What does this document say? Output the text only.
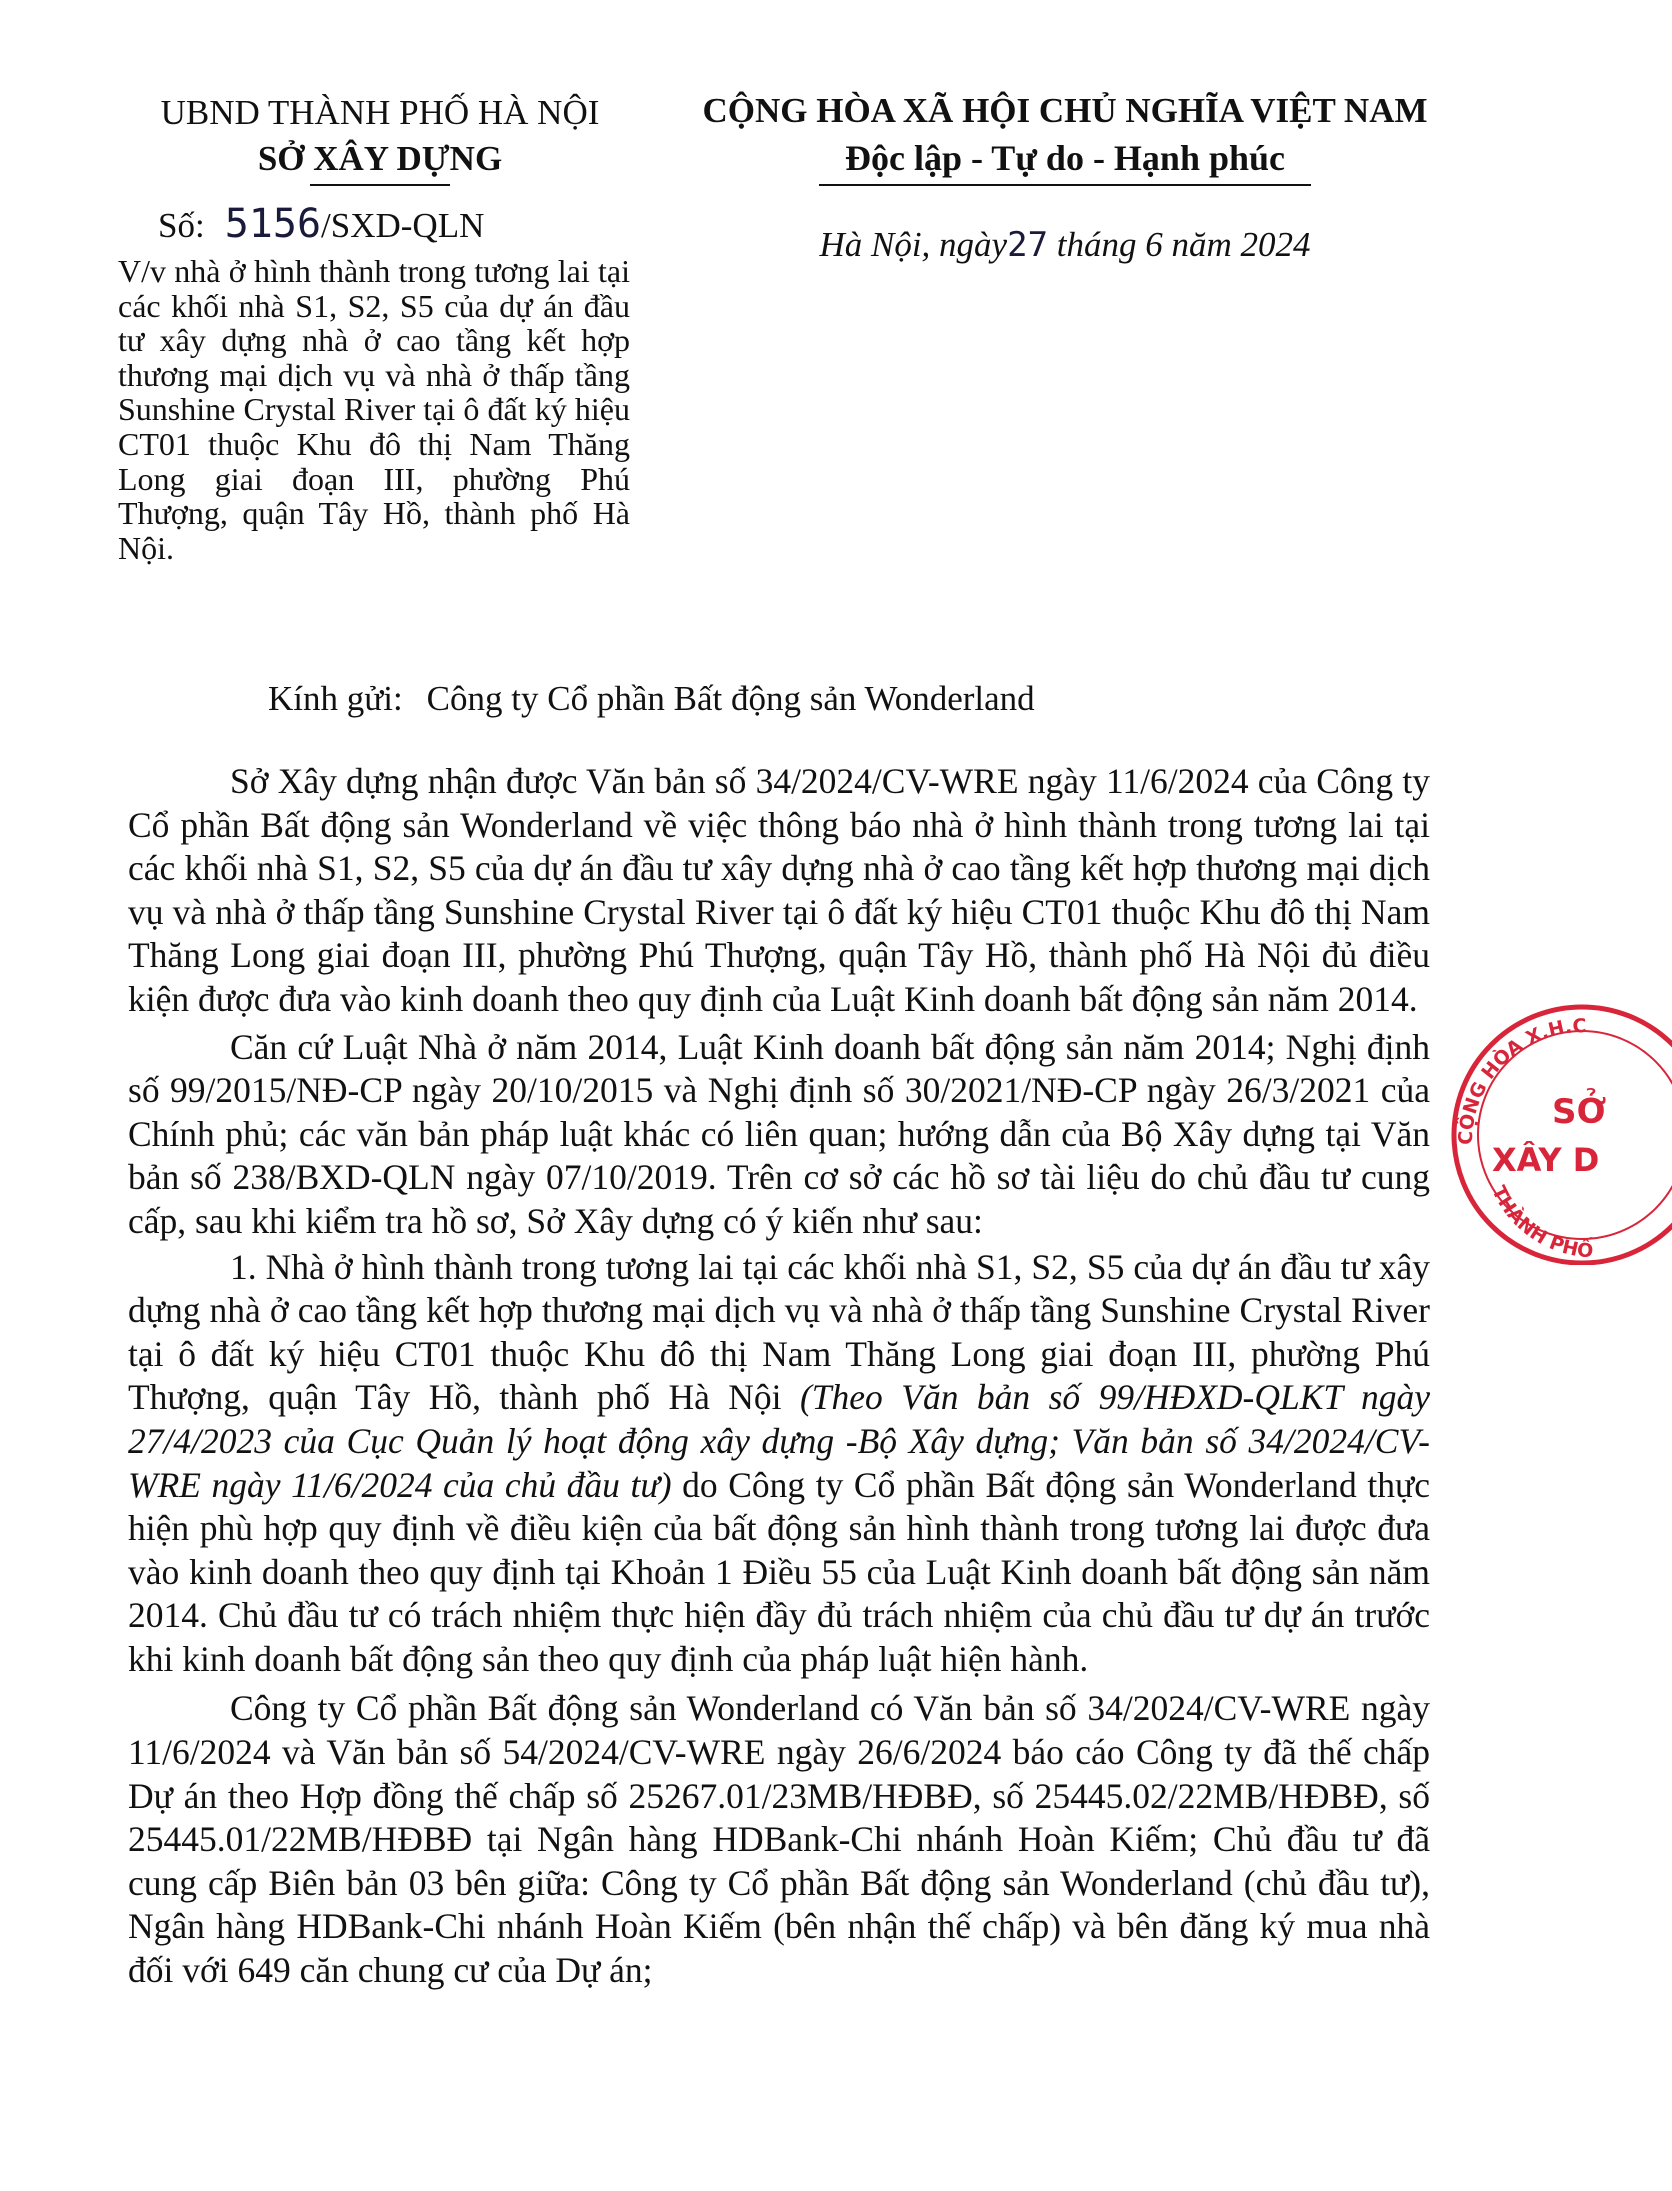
UBND THÀNH PHỐ HÀ NỘI
SỞ XÂY DỰNG
CỘNG HÒA XÃ HỘI CHỦ NGHĨA VIỆT NAM
Độc lập - Tự do - Hạnh phúc
Số: 5156/SXD-QLN	Hà Nội, ngày27 tháng 6 năm 2024
V/v nhà ở hình thành trong tương lai tại các khối nhà S1, S2, S5 của dự án đầu tư xây dựng nhà ở cao tầng kết hợp thương mại dịch vụ và nhà ở thấp tầng Sunshine Crystal River tại ô đất ký hiệu CT01 thuộc Khu đô thị Nam Thăng Long giai đoạn III, phường Phú Thượng, quận Tây Hồ, thành phố Hà Nội.
Kính gửi: Công ty Cổ phần Bất động sản Wonderland

Sở Xây dựng nhận được Văn bản số 34/2024/CV-WRE ngày 11/6/2024 của Công ty Cổ phần Bất động sản Wonderland về việc thông báo nhà ở hình thành trong tương lai tại các khối nhà S1, S2, S5 của dự án đầu tư xây dựng nhà ở cao tầng kết hợp thương mại dịch vụ và nhà ở thấp tầng Sunshine Crystal River tại ô đất ký hiệu CT01 thuộc Khu đô thị Nam Thăng Long giai đoạn III, phường Phú Thượng, quận Tây Hồ, thành phố Hà Nội đủ điều kiện được đưa vào kinh doanh theo quy định của Luật Kinh doanh bất động sản năm 2014.

Căn cứ Luật Nhà ở năm 2014, Luật Kinh doanh bất động sản năm 2014; Nghị định số 99/2015/NĐ-CP ngày 20/10/2015 và Nghị định số 30/2021/NĐ-CP ngày 26/3/2021 của Chính phủ; các văn bản pháp luật khác có liên quan; hướng dẫn của Bộ Xây dựng tại Văn bản số 238/BXD-QLN ngày 07/10/2019. Trên cơ sở các hồ sơ tài liệu do chủ đầu tư cung cấp, sau khi kiểm tra hồ sơ, Sở Xây dựng có ý kiến như sau:

1. Nhà ở hình thành trong tương lai tại các khối nhà S1, S2, S5 của dự án đầu tư xây dựng nhà ở cao tầng kết hợp thương mại dịch vụ và nhà ở thấp tầng Sunshine Crystal River tại ô đất ký hiệu CT01 thuộc Khu đô thị Nam Thăng Long giai đoạn III, phường Phú Thượng, quận Tây Hồ, thành phố Hà Nội (Theo Văn bản số 99/HĐXD-QLKT ngày 27/4/2023 của Cục Quản lý hoạt động xây dựng -Bộ Xây dựng; Văn bản số 34/2024/CV-WRE ngày 11/6/2024 của chủ đầu tư) do Công ty Cổ phần Bất động sản Wonderland thực hiện phù hợp quy định về điều kiện của bất động sản hình thành trong tương lai được đưa vào kinh doanh theo quy định tại Khoản 1 Điều 55 của Luật Kinh doanh bất động sản năm 2014. Chủ đầu tư có trách nhiệm thực hiện đầy đủ trách nhiệm của chủ đầu tư dự án trước khi kinh doanh bất động sản theo quy định của pháp luật hiện hành.

Công ty Cổ phần Bất động sản Wonderland có Văn bản số 34/2024/CV-WRE ngày 11/6/2024 và Văn bản số 54/2024/CV-WRE ngày 26/6/2024 báo cáo Công ty đã thế chấp Dự án theo Hợp đồng thế chấp số 25267.01/23MB/HĐBĐ, số 25445.02/22MB/HĐBĐ, số 25445.01/22MB/HĐBĐ tại Ngân hàng HDBank-Chi nhánh Hoàn Kiếm; Chủ đầu tư đã cung cấp Biên bản 03 bên giữa: Công ty Cổ phần Bất động sản Wonderland (chủ đầu tư), Ngân hàng HDBank-Chi nhánh Hoàn Kiếm (bên nhận thế chấp) và bên đăng ký mua nhà đối với 649 căn chung cư của Dự án;

CỘNG HÒA X.H.C
THÀNH PHỐ
SỞ
XÂY D
